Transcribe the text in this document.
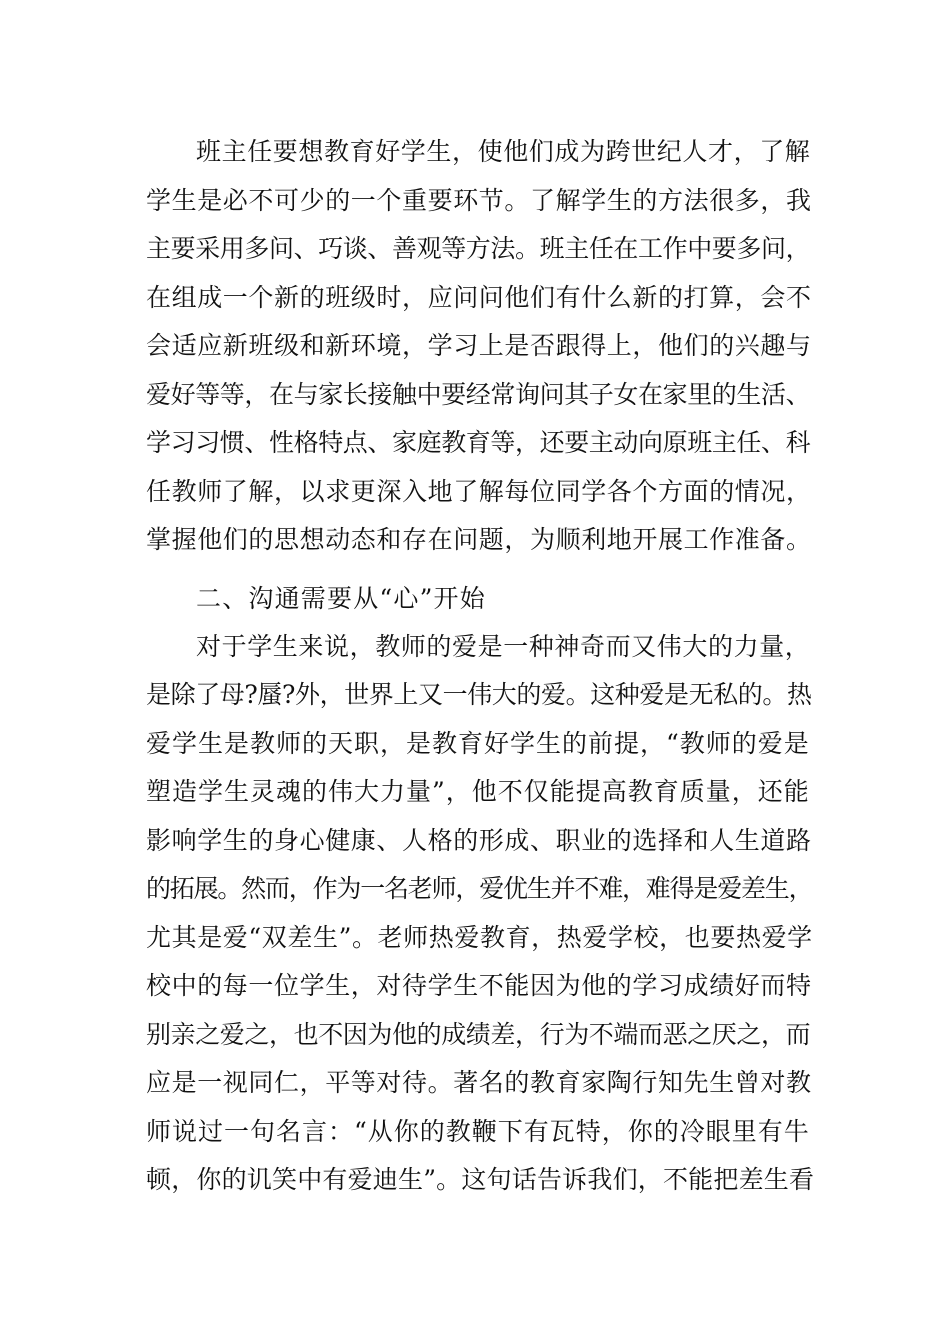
班主任要想教育好学生，使他们成为跨世纪人才，了解
学生是必不可少的一个重要环节。了解学生的方法很多，我
主要采用多问、巧谈、善观等方法。班主任在工作中要多问，
在组成一个新的班级时，应问问他们有什么新的打算，会不
会适应新班级和新环境，学习上是否跟得上，他们的兴趣与
爱好等等，在与家长接触中要经常询问其子女在家里的生活、
学习习惯、性格特点、家庭教育等，还要主动向原班主任、科
任教师了解，以求更深入地了解每位同学各个方面的情况，
掌握他们的思想动态和存在问题，为顺利地开展工作准备。
二、沟通需要从“心”开始
对于学生来说，教师的爱是一种神奇而又伟大的力量，
是除了母?蜃?外，世界上又一伟大的爱。这种爱是无私的。热
爱学生是教师的天职，是教育好学生的前提，“教师的爱是
塑造学生灵魂的伟大力量”，他不仅能提高教育质量，还能
影响学生的身心健康、人格的形成、职业的选择和人生道路
的拓展。然而，作为一名老师，爱优生并不难，难得是爱差生，
尤其是爱“双差生”。老师热爱教育，热爱学校，也要热爱学
校中的每一位学生，对待学生不能因为他的学习成绩好而特
别亲之爱之，也不因为他的成绩差，行为不端而恶之厌之，而
应是一视同仁，平等对待。著名的教育家陶行知先生曾对教
师说过一句名言：“从你的教鞭下有瓦特，你的冷眼里有牛
顿，你的讥笑中有爱迪生”。这句话告诉我们，不能把差生看
